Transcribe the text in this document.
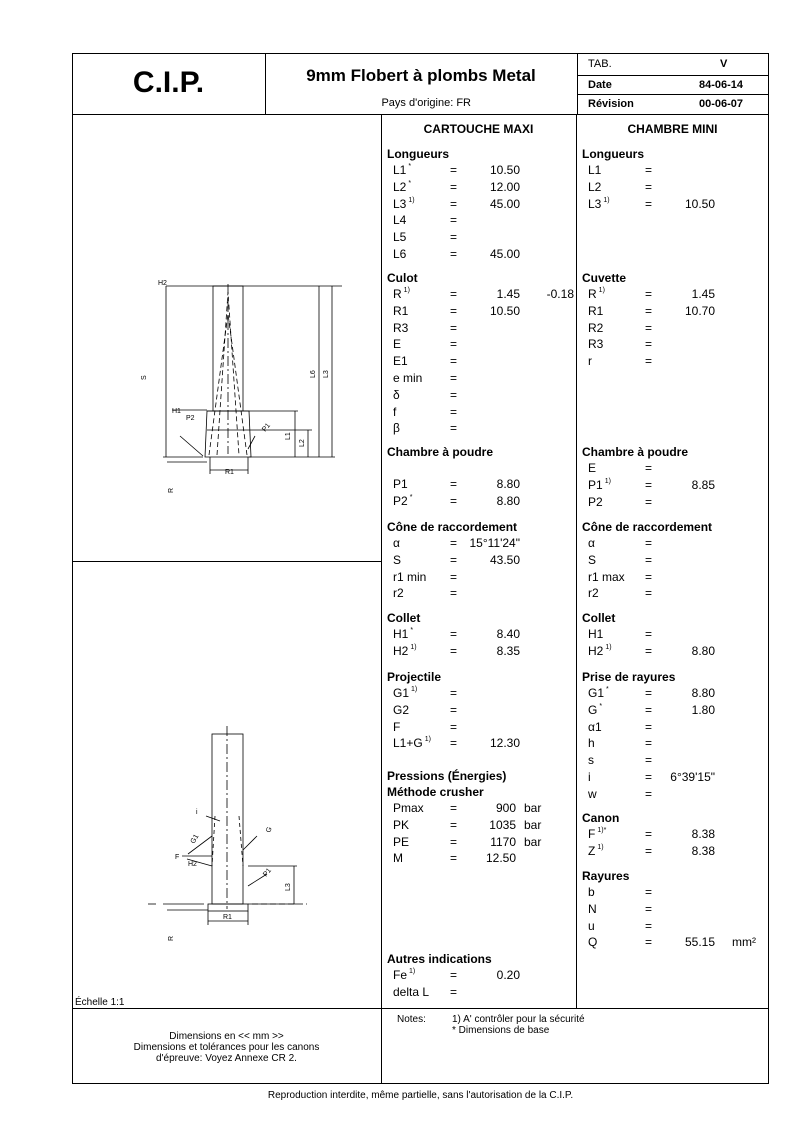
C.I.P.	9mm Flobert à plombs Metal
Pays d'origine: FR
TAB.	V
Date	84-06-14
Révision	00-06-07
CARTOUCHE MAXI	CHAMBRE MINI
Longueurs
L1 *	=	10.50
L2 *	=	12.00
L3 $^{1)}$	=	45.00
L4	=
L5	=
L6	=	45.00
Culot
R $^{1)}$	=	1.45	-0.18
R1	=	10.50
R3	=
E	=
E1	=
e min =
δ	=
f	=
β	=
Chambre à poudre
P1	=	8.80
P2 *	=	8.80
Cône de raccordement
α	=	15°11'24"
S	=	43.50
r1 min =
r2	=
Collet
H1 *	=	8.40
H2 $^{1)}$	=	8.35
Projectile
G1 $^{1)}$	=
G2	=
F	=
L1+G $^{1)}$ =	12.30
Pressions (Énergies)
Méthode crusher
Pmax =	900 bar
PK	=	1035 bar
PE	=	1170 bar
M	=	12.50
Autres indications
Fe $^{1)}$	=	0.20
delta L =
Longueurs
L1	=
L2	=
L3 $^{1)}$	=	10.50
Cuvette
R $^{1)}$	=	1.45
R1	=	10.70
R2	=
R3	=
r	=
Chambre à poudre
E	=
P1 $^{1)}$	=	8.85
P2	=
Cône de raccordement
α	=
S	=
r1 max =
r2	=
Collet
H1	=
H2 $^{1)}$	=	8.80
Prise de rayures
G1 *	=	8.80
G *	=	1.80
α1	=
h	=
s	=
i	=	6°39'15"
w	=
Canon
F $^{1)*}$	=	8.38
Z $^{1)}$	=	8.38
Rayures
b	=
N	=
u	=
Q	=	55.15 mm²
H2
S
H1
P2
P1
L1
L2
L6 L3
R1
R
i
G1
G
F
H2
P1
L3
R1
R
Échelle 1:1
Dimensions en << mm >>
Dimensions et tolérances pour les canons
d'épreuve: Voyez Annexe CR 2.
Notes:	1) A' contrôler pour la sécurité
* Dimensions de base
Reproduction interdite, même partielle, sans l'autorisation de la C.I.P.
